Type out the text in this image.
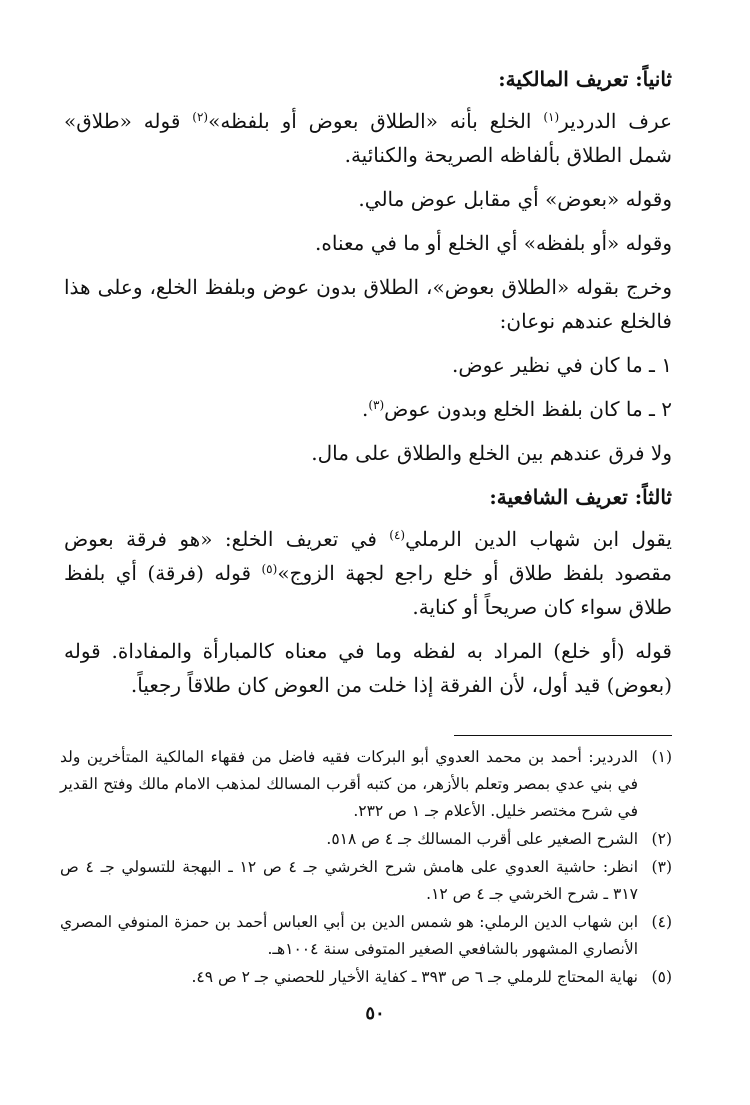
ثانياً: تعريف المالكية:

عرف الدردير$^{(١)}$ الخلع بأنه «الطلاق بعوض أو بلفظه»$^{(٢)}$ قوله «طلاق» شمل الطلاق بألفاظه الصريحة والكنائية.

وقوله «بعوض» أي مقابل عوض مالي.

وقوله «أو بلفظه» أي الخلع أو ما في معناه.

وخرج بقوله «الطلاق بعوض»، الطلاق بدون عوض وبلفظ الخلع، وعلى هذا فالخلع عندهم نوعان:

١ ـ ما كان في نظير عوض.

٢ ـ ما كان بلفظ الخلع وبدون عوض$^{(٣)}$.

ولا فرق عندهم بين الخلع والطلاق على مال.

ثالثاً: تعريف الشافعية:

يقول ابن شهاب الدين الرملي$^{(٤)}$ في تعريف الخلع: «هو فرقة بعوض مقصود بلفظ طلاق أو خلع راجع لجهة الزوج»$^{(٥)}$ قوله (فرقة) أي بلفظ طلاق سواء كان صريحاً أو كناية.

قوله (أو خلع) المراد به لفظه وما في معناه كالمبارأة والمفاداة. قوله (بعوض) قيد أول، لأن الفرقة إذا خلت من العوض كان طلاقاً رجعياً.

(١)
الدردير: أحمد بن محمد العدوي أبو البركات فقيه فاضل من فقهاء المالكية المتأخرين ولد في بني عدي بمصر وتعلم بالأزهر، من كتبه أقرب المسالك لمذهب الامام مالك وفتح القدير في شرح مختصر خليل. الأعلام جـ ١ ص ٢٣٢.
(٢)
الشرح الصغير على أقرب المسالك جـ ٤ ص ٥١٨.
(٣)
انظر: حاشية العدوي على هامش شرح الخرشي جـ ٤ ص ١٢ ـ البهجة للتسولي جـ ٤ ص ٣١٧ ـ شرح الخرشي جـ ٤ ص ١٢.
(٤)
ابن شهاب الدين الرملي: هو شمس الدين بن أبي العباس أحمد بن حمزة المنوفي المصري الأنصاري المشهور بالشافعي الصغير المتوفى سنة ١٠٠٤هـ.
(٥)
نهاية المحتاج للرملي جـ ٦ ص ٣٩٣ ـ كفاية الأخيار للحصني جـ ٢ ص ٤٩.
٥٠
